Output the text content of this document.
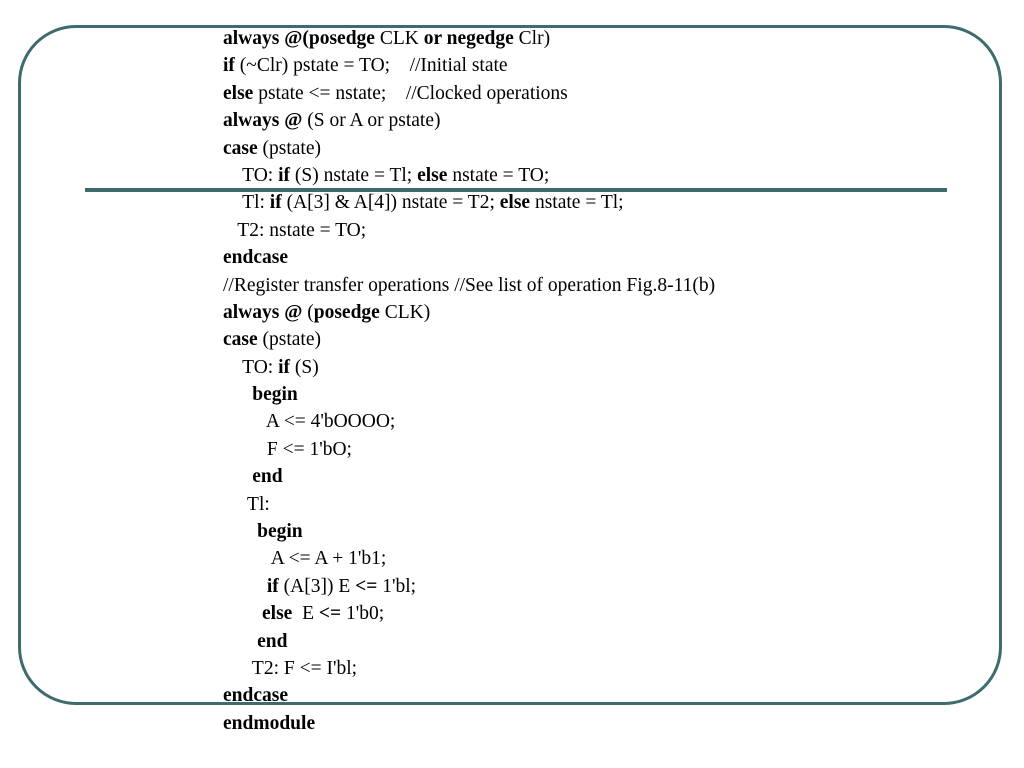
always @(posedge CLK or negedge Clr)
if (~Clr) pstate = TO;    //Initial state
else pstate <= nstate;    //Clocked operations
always @ (S or A or pstate)
case (pstate)
TO: if (S) nstate = Tl; else nstate = TO;
Tl: if (A[3] & A[4]) nstate = T2; else nstate = Tl;
T2: nstate = TO;
endcase
//Register transfer operations //See list of operation Fig.8-11(b)
always @ (posedge CLK)
case (pstate)
TO: if (S)
begin
A <= 4'bOOOO;
F <= 1'bO;
end
Tl:
begin
A <= A + 1'b1;
if (A[3]) E <= 1'bl;
else  E <= 1'b0;
end
T2: F <= I'bl;
endcase
endmodule
